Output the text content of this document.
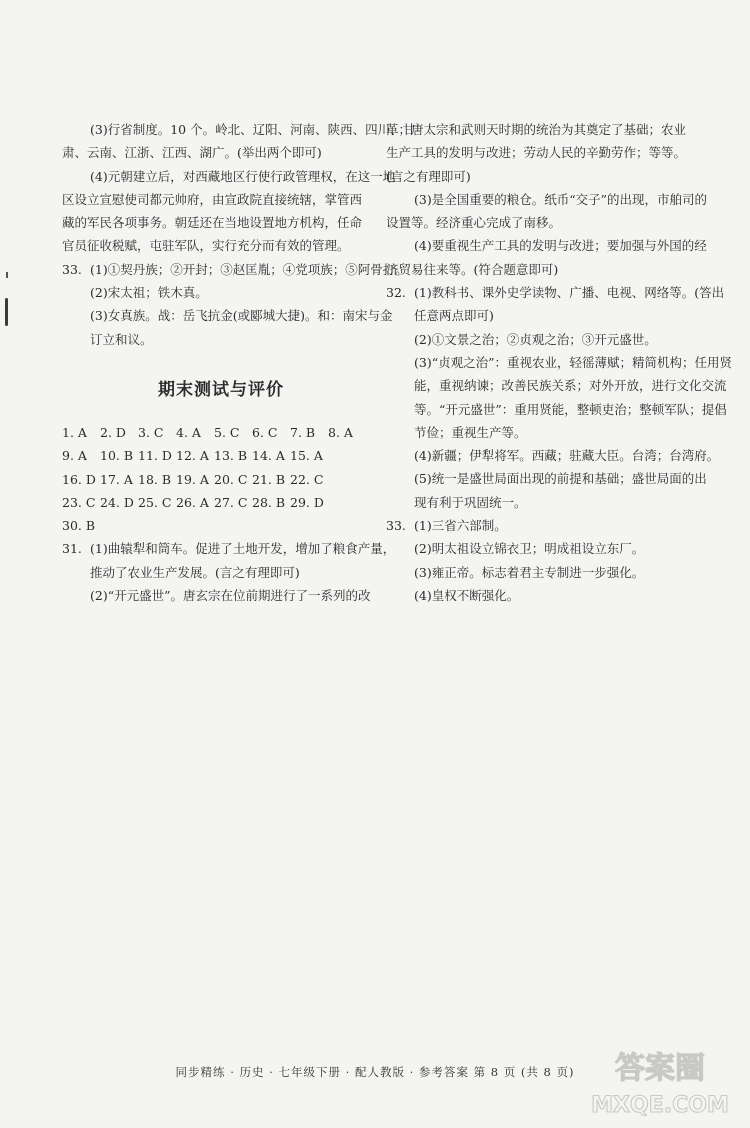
(3)行省制度。10 个。岭北、辽阳、河南、陕西、四川、甘
肃、云南、江浙、江西、湖广。(举出两个即可)
(4)元朝建立后，对西藏地区行使行政管理权，在这一地
区设立宣慰使司都元帅府，由宣政院直接统辖，掌管西
藏的军民各项事务。朝廷还在当地设置地方机构，任命
官员征收税赋，屯驻军队，实行充分而有效的管理。
33. (1)①契丹族；②开封；③赵匡胤；④党项族；⑤阿骨打。
(2)宋太祖；铁木真。
(3)女真族。战：岳飞抗金(或郾城大捷)。和：南宋与金
订立和议。
期末测试与评价
1. A	2. D 3. C	4. A	5. C	6. C	7. B	8. A
9. A	10. B 11. D 12. A 13. B 14. A 15. A
16. D 17. A 18. B 19. A 20. C 21. B 22. C
23. C 24. D 25. C 26. A 27. C 28. B 29. D
30. B
31. (1)曲辕犁和筒车。促进了土地开发，增加了粮食产量，
推动了农业生产发展。(言之有理即可)
(2)“开元盛世”。唐玄宗在位前期进行了一系列的改
革；唐太宗和武则天时期的统治为其奠定了基础；农业
生产工具的发明与改进；劳动人民的辛勤劳作；等等。
(言之有理即可)
(3)是全国重要的粮仓。纸币“交子”的出现，市舶司的
设置等。经济重心完成了南移。
(4)要重视生产工具的发明与改进；要加强与外国的经
济贸易往来等。(符合题意即可)
32. (1)教科书、课外史学读物、广播、电视、网络等。(答出
任意两点即可)
(2)①文景之治；②贞观之治；③开元盛世。
(3)“贞观之治”：重视农业，轻徭薄赋；精简机构；任用贤
能，重视纳谏；改善民族关系；对外开放，进行文化交流
等。“开元盛世”：重用贤能，整顿吏治；整顿军队；提倡
节俭；重视生产等。
(4)新疆；伊犁将军。西藏；驻藏大臣。台湾；台湾府。
(5)统一是盛世局面出现的前提和基础；盛世局面的出
现有利于巩固统一。
33. (1)三省六部制。
(2)明太祖设立锦衣卫；明成祖设立东厂。
(3)雍正帝。标志着君主专制进一步强化。
(4)皇权不断强化。
同步精练 · 历史 · 七年级下册 · 配人教版 · 参考答案 第 8 页 (共 8 页)	答案圈
MXQE.COM
